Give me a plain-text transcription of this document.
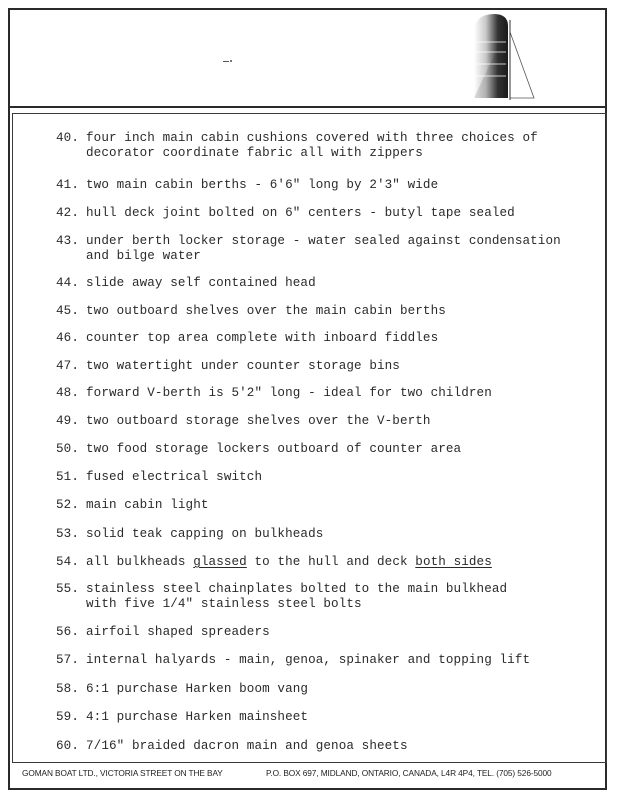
40. four inch main cabin cushions covered with three choices of
decorator coordinate fabric all with zippers
41. two main cabin berths - 6'6" long by 2'3" wide
42. hull deck joint bolted on 6" centers - butyl tape sealed
43. under berth locker storage - water sealed against condensation
and bilge water
44. slide away self contained head
45. two outboard shelves over the main cabin berths
46. counter top area complete with inboard fiddles
47. two watertight under counter storage bins
48. forward V-berth is 5'2" long - ideal for two children
49. two outboard storage shelves over the V-berth
50. two food storage lockers outboard of counter area
51. fused electrical switch
52. main cabin light
53. solid teak capping on bulkheads
54. all bulkheads glassed to the hull and deck both sides
55. stainless steel chainplates bolted to the main bulkhead
with five 1/4" stainless steel bolts
56. airfoil shaped spreaders
57. internal halyards - main, genoa, spinaker and topping lift
58. 6:1 purchase Harken boom vang
59. 4:1 purchase Harken mainsheet
60. 7/16" braided dacron main and genoa sheets
GOMAN BOAT LTD., VICTORIA STREET ON THE BAY	P.O. BOX 697, MIDLAND, ONTARIO, CANADA, L4R 4P4, TEL. (705) 526-5000
